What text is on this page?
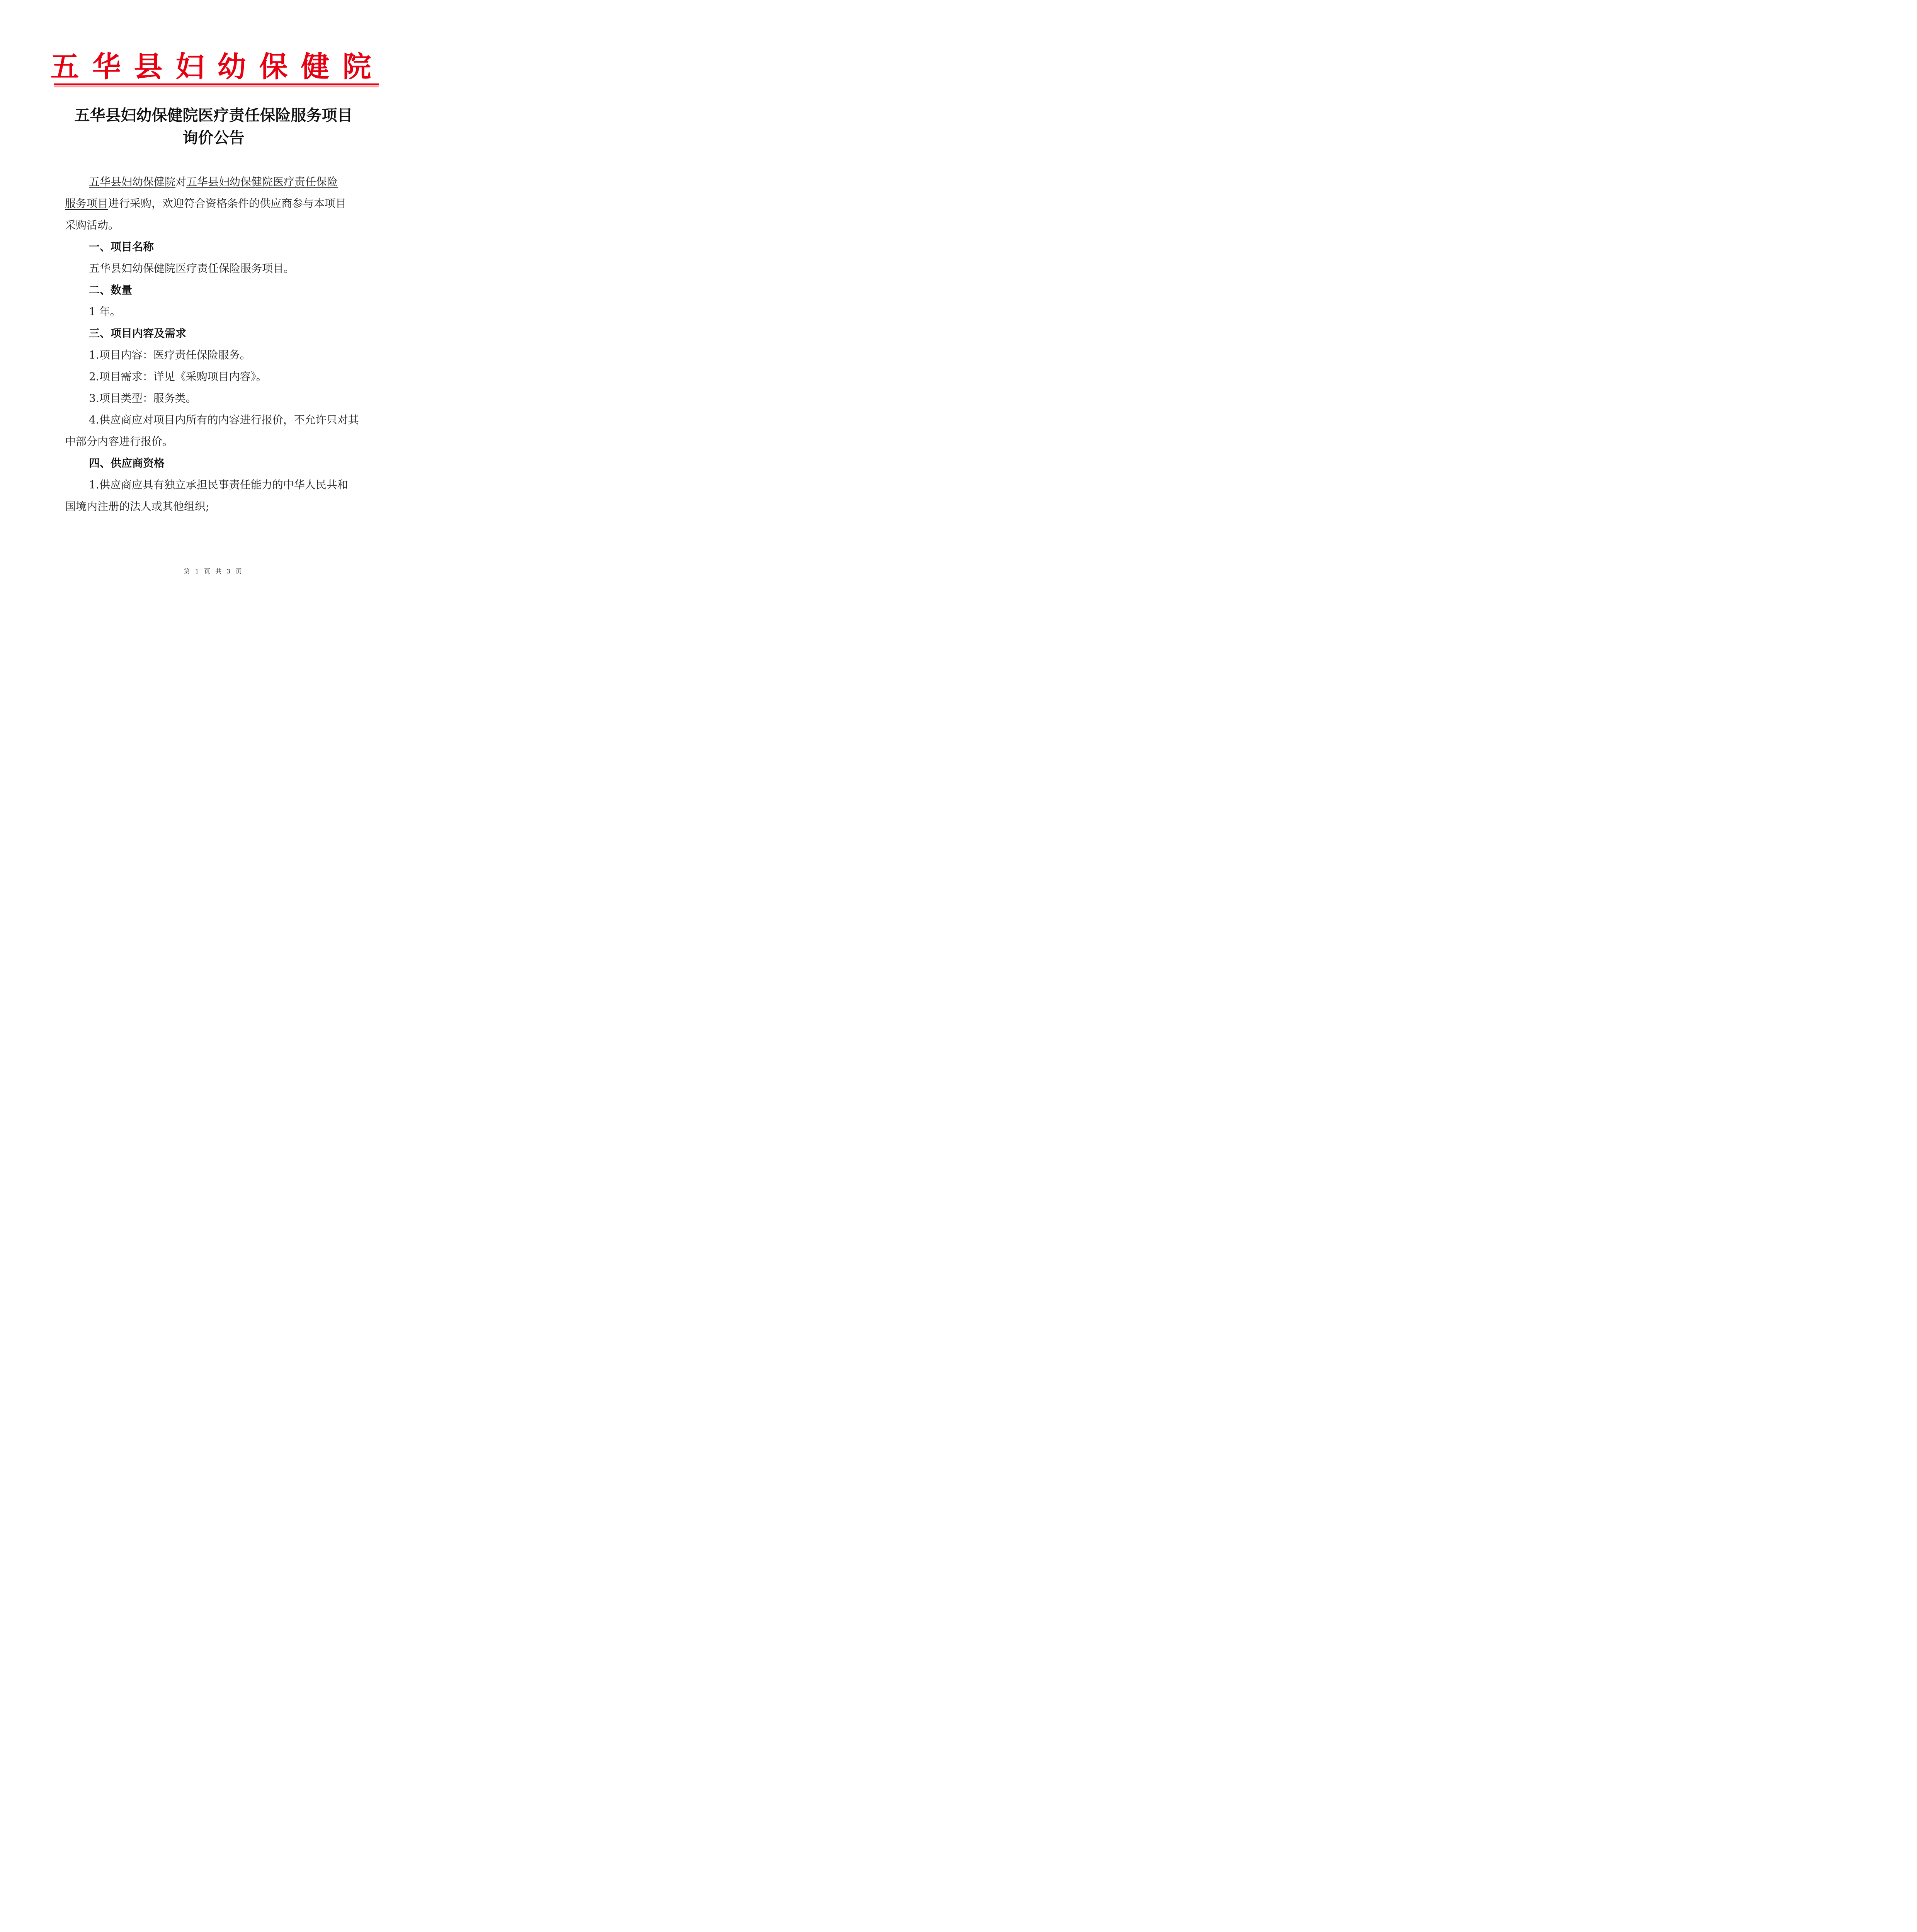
五华县妇幼保健院
五华县妇幼保健院医疗责任保险服务项目
询价公告
五华县妇幼保健院对五华县妇幼保健院医疗责任保险
服务项目进行采购，欢迎符合资格条件的供应商参与本项目
采购活动。
一、项目名称
五华县妇幼保健院医疗责任保险服务项目。
二、数量
1 年。
三、项目内容及需求
1.项目内容：医疗责任保险服务。
2.项目需求：详见《采购项目内容》。
3.项目类型：服务类。
4.供应商应对项目内所有的内容进行报价，不允许只对其中部分内容进行报价。
四、供应商资格
1.供应商应具有独立承担民事责任能力的中华人民共和国境内注册的法人或其他组织;
第 1 页 共 3 页
